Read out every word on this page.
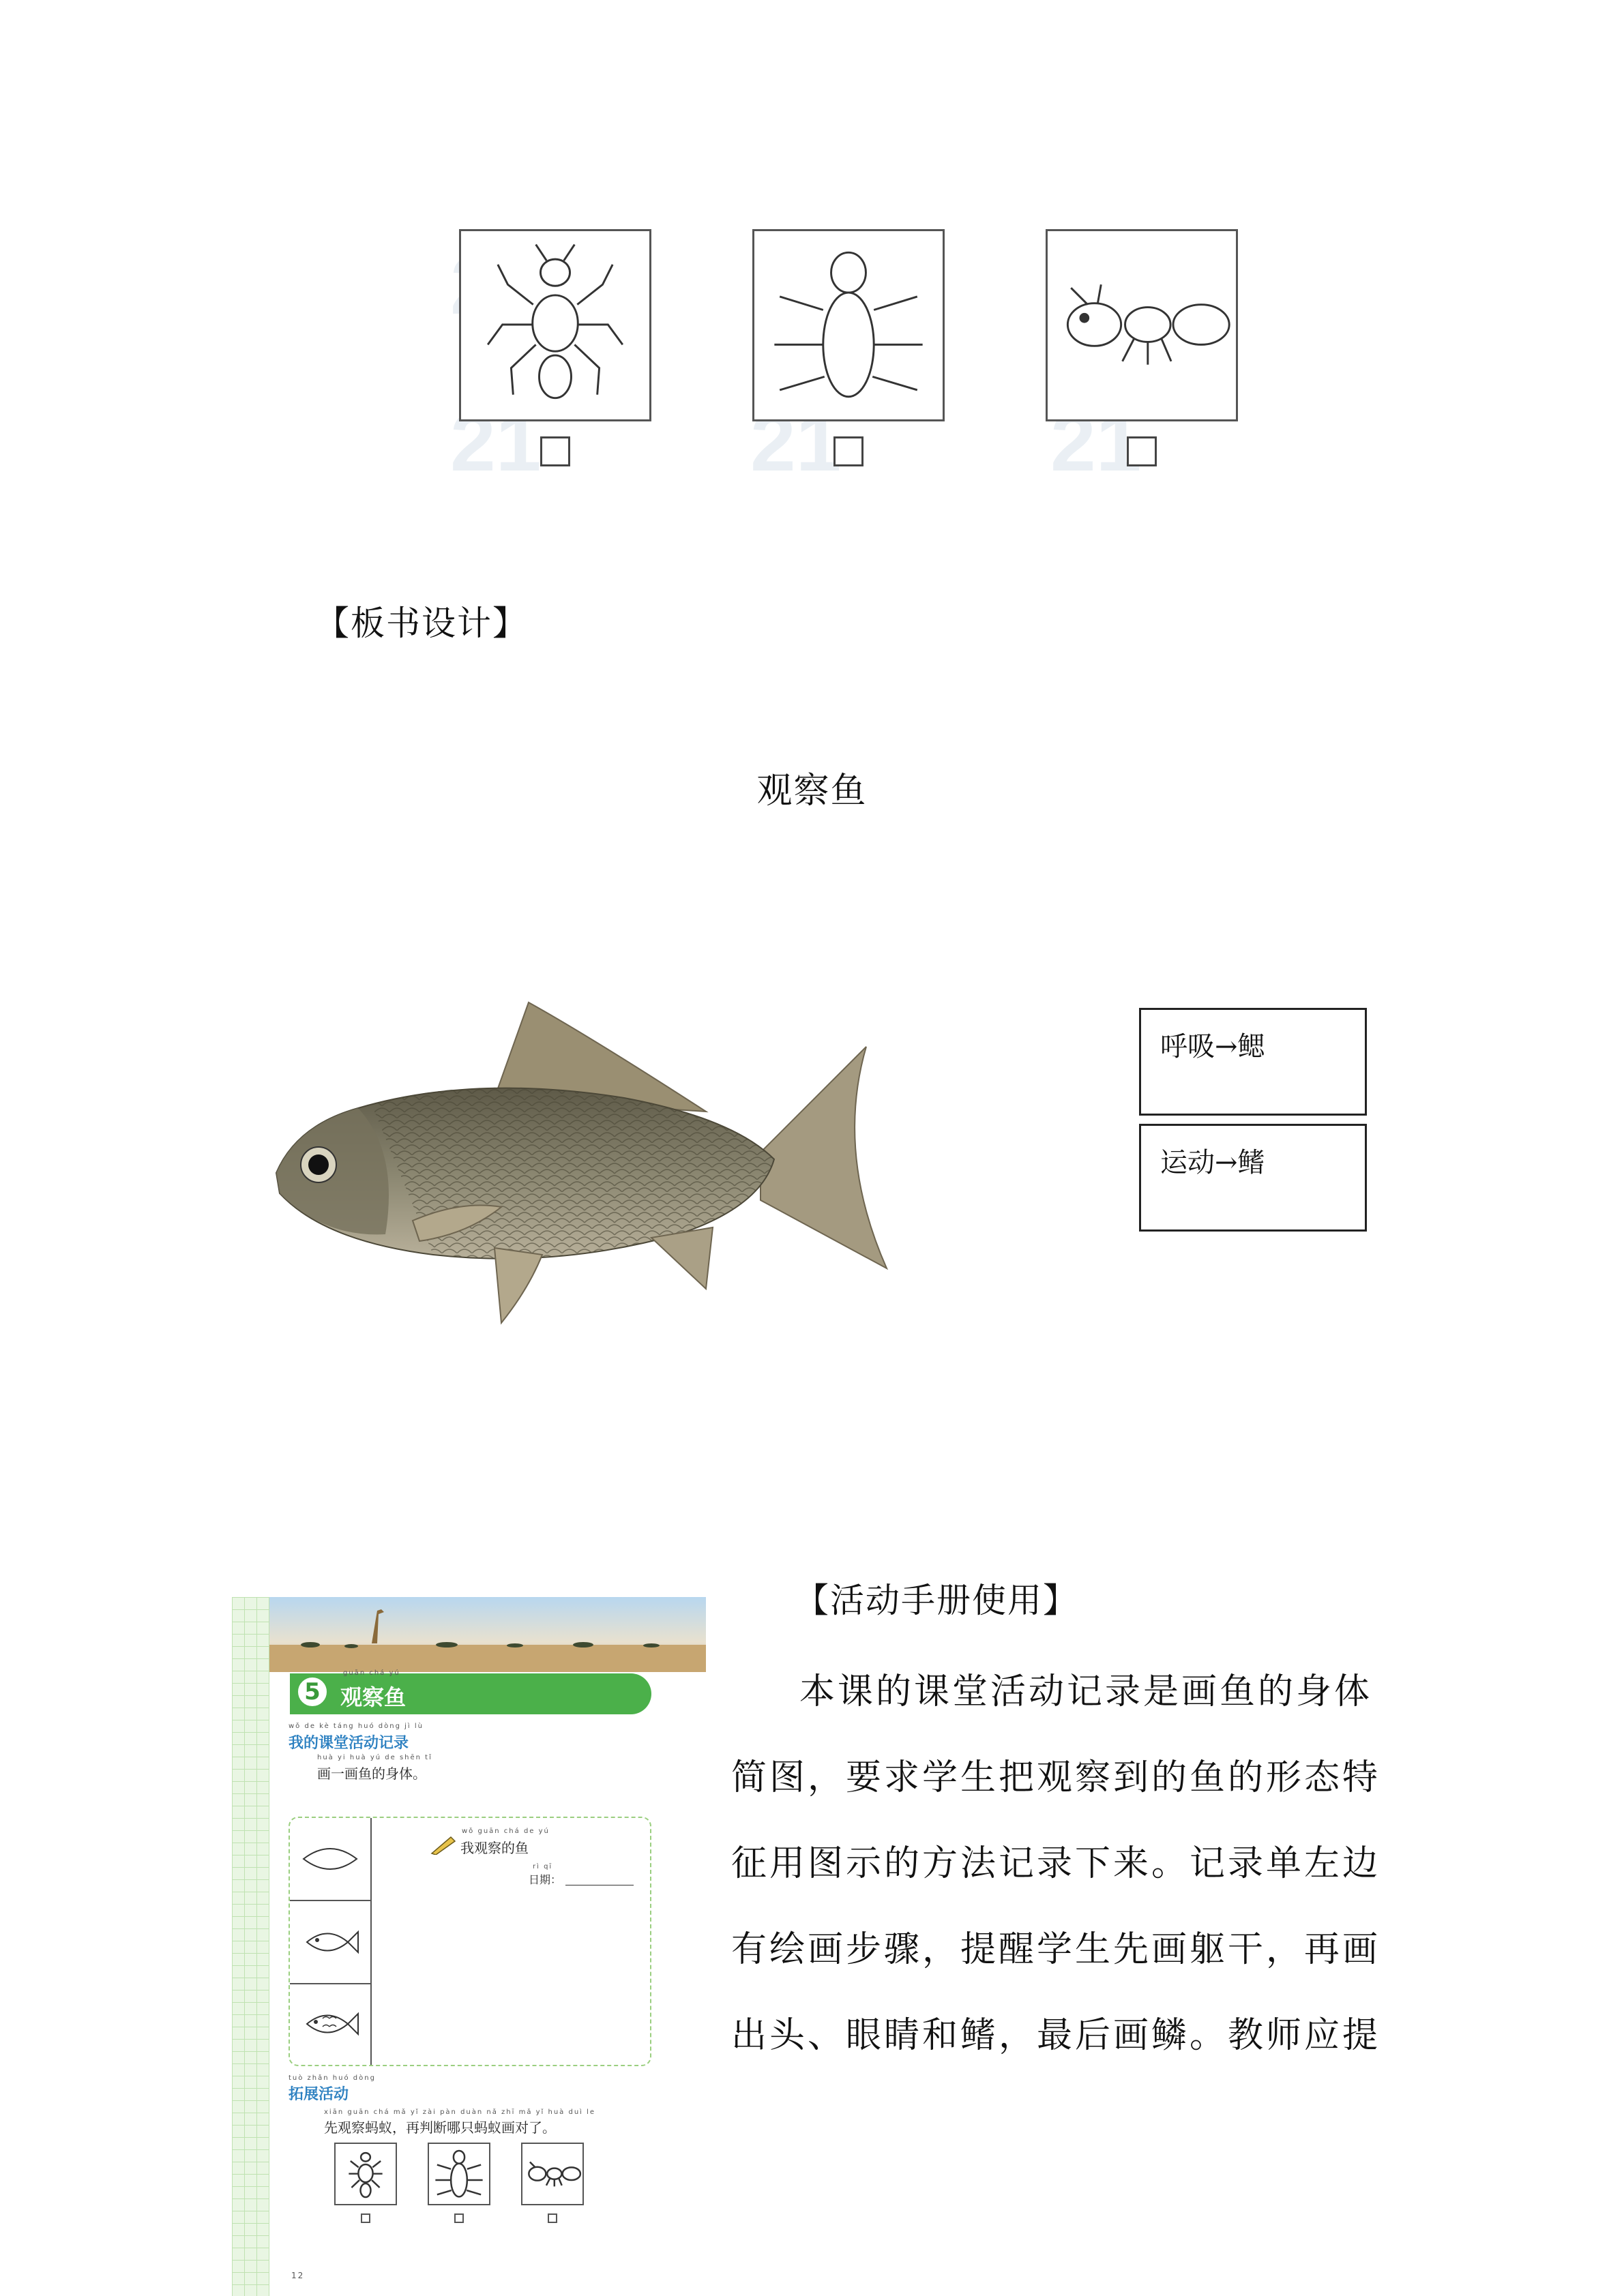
21	21	21
【板书设计】
观察鱼
呼吸→鳃
运动→鳍
【活动手册使用】
本课的课堂活动记录是画鱼的身体简图，要求学生把观察到的鱼的形态特征用图示的方法记录下来。记录单左边有绘画步骤，提醒学生先画躯干，再画出头、眼睛和鳍，最后画鳞。教师应提
5
guān chá yú
观察鱼
wǒ de kè táng huó dòng jì lù
我的课堂活动记录
huà yi huà yú de shēn tǐ
画一画鱼的身体。
wǒ guān chá de yú
我观察的鱼
rì qī
日期：
tuò zhǎn huó dòng
拓展活动
xiān guān chá mǎ yǐ zài pàn duàn nǎ zhī mǎ yǐ huà duì le
先观察蚂蚁，再判断哪只蚂蚁画对了。
12
